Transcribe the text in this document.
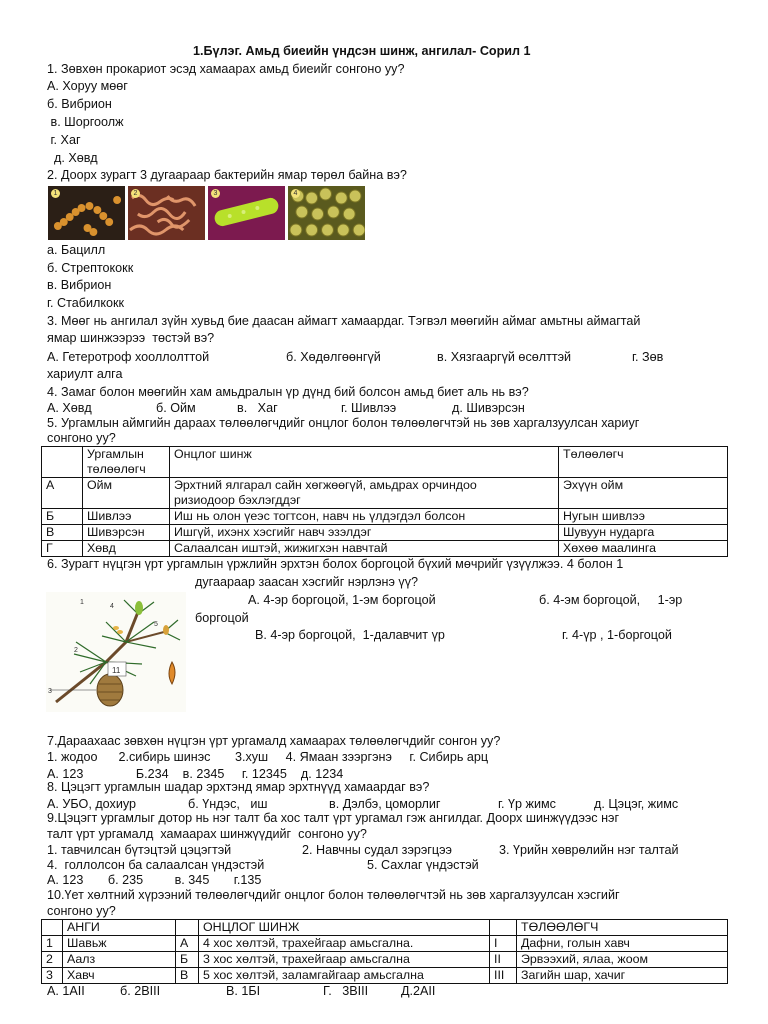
1.Бүлэг. Амьд биеийн үндсэн шинж, ангилал- Сорил 1
1. Зөвхөн прокариот эсэд хамаарах амьд биеийг сонгоно уу?
А. Хоруу мөөг
б. Вибрион
в. Шоргоолж
г. Хаг
д. Хөвд
2. Доорх зурагт 3 дугаараар бактерийн ямар төрөл байна вэ?
1	2	3	4
а. Бацилл
б. Стрептококк
в. Вибрион
г. Стабилкокк
3. Мөөг нь ангилал зүйн хувьд бие даасан аймагт хамаардаг. Тэгвэл мөөгийн аймаг амьтны аймагтай
ямар шинжээрээ  төстэй вэ?
А. Гетеротроф хооллолттой	б. Хөдөлгөөнгүй	в. Хязгааргүй өсөлттэй	г. Зөв
хариулт алга
4. Замаг болон мөөгийн хам амьдралын үр дүнд бий болсон амьд биет аль нь вэ?
А. Хөвд	б. Ойм	в.   Хаг	г. Шивлээ	д. Шивэрсэн
5. Ургамлын аймгийн дараах төлөөлөгчдийг онцлог болон төлөөлөгчтэй нь зөв харгалзуулсан хариуг
сонгоно уу?
	Ургамлын
төлөөлөгч	Онцлог шинж	Төлөөлөгч
А	Ойм	Эрхтний ялгарал сайн хөгжөөгүй, амьдрах орчиндоо
ризиодоор бэхлэгддэг	Эхүүн ойм
Б	Шивлээ	Иш нь олон үеэс тогтсон, навч нь үлдэгдэл болсон	Нугын шивлээ
В	Шивэрсэн	Ишгүй, ихэнх хэсгийг навч эзэлдэг	Шувуун нударга
Г	Хөвд	Салаалсан иштэй, жижигхэн навчтай	Хөхөө маалинга
6. Зурагт нүцгэн үрт ургамлын үржлийн эрхтэн болох боргоцой бүхий мөчрийг үзүүлжээ. 4 болон 1
дугаараар заасан хэсгийг нэрлэнэ үү?
А. 4-эр боргоцой, 1-эм боргоцой	б. 4-эм боргоцой,     1-эр
боргоцой
В. 4-эр боргоцой,  1-далавчит үр	г. 4-үр , 1-боргоцой
3
4
1
2
5
11
7.Дараахаас зөвхөн нүцгэн үрт ургамалд хамаарах төлөөлөгчдийг сонгон уу?
1. жодоо      2.сибирь шинэс       3.хуш     4. Ямаан зээргэнэ     г. Сибирь арц
А. 123               Б.234    в. 2345     г. 12345    д. 1234
8. Цэцэгт ургамлын шадар эрхтэнд ямар эрхтнүүд хамаардаг вэ?
А. УБО, дохиур	б. Үндэс,   иш	в. Дэлбэ, цоморлиг	г. Үр жимс	д. Цэцэг, жимс
9.Цэцэгт ургамлыг дотор нь нэг талт ба хос талт үрт ургамал гэж ангилдаг. Доорх шинжүүдээс нэг
талт үрт ургамалд  хамаарах шинжүүдийг  сонгоно уу?
1. тавчилсан бүтэцтэй цэцэгтэй	2. Навчны судал зэрэгцээ	3. Үрийн хөврөлийн нэг талтай
4.  голлолсон ба салаалсан үндэстэй	5. Сахлаг үндэстэй
А. 123       б. 235         в. 345       г.135
10.Үет хөлтний хүрээний төлөөлөгчдийг онцлог болон төлөөлөгчтэй нь зөв харгалзуулсан хэсгийг
сонгоно уу?
	АНГИ		ОНЦЛОГ ШИНЖ		ТӨЛӨӨЛӨГЧ
1	Шавьж	А	4 хос хөлтэй, трахейгаар амьсгална.	I	Дафни, голын хавч
2	Аалз	Б	3 хос хөлтэй, трахейгаар амьсгална	II	Эрвээхий, ялаа, жоом
3	Хавч	В	5 хос хөлтэй, заламгайгаар амьсгална	III	Загийн шар, хачиг
А. 1АII	б. 2ВIII	В. 1БI	Г.   3ВIII	Д.2АII
